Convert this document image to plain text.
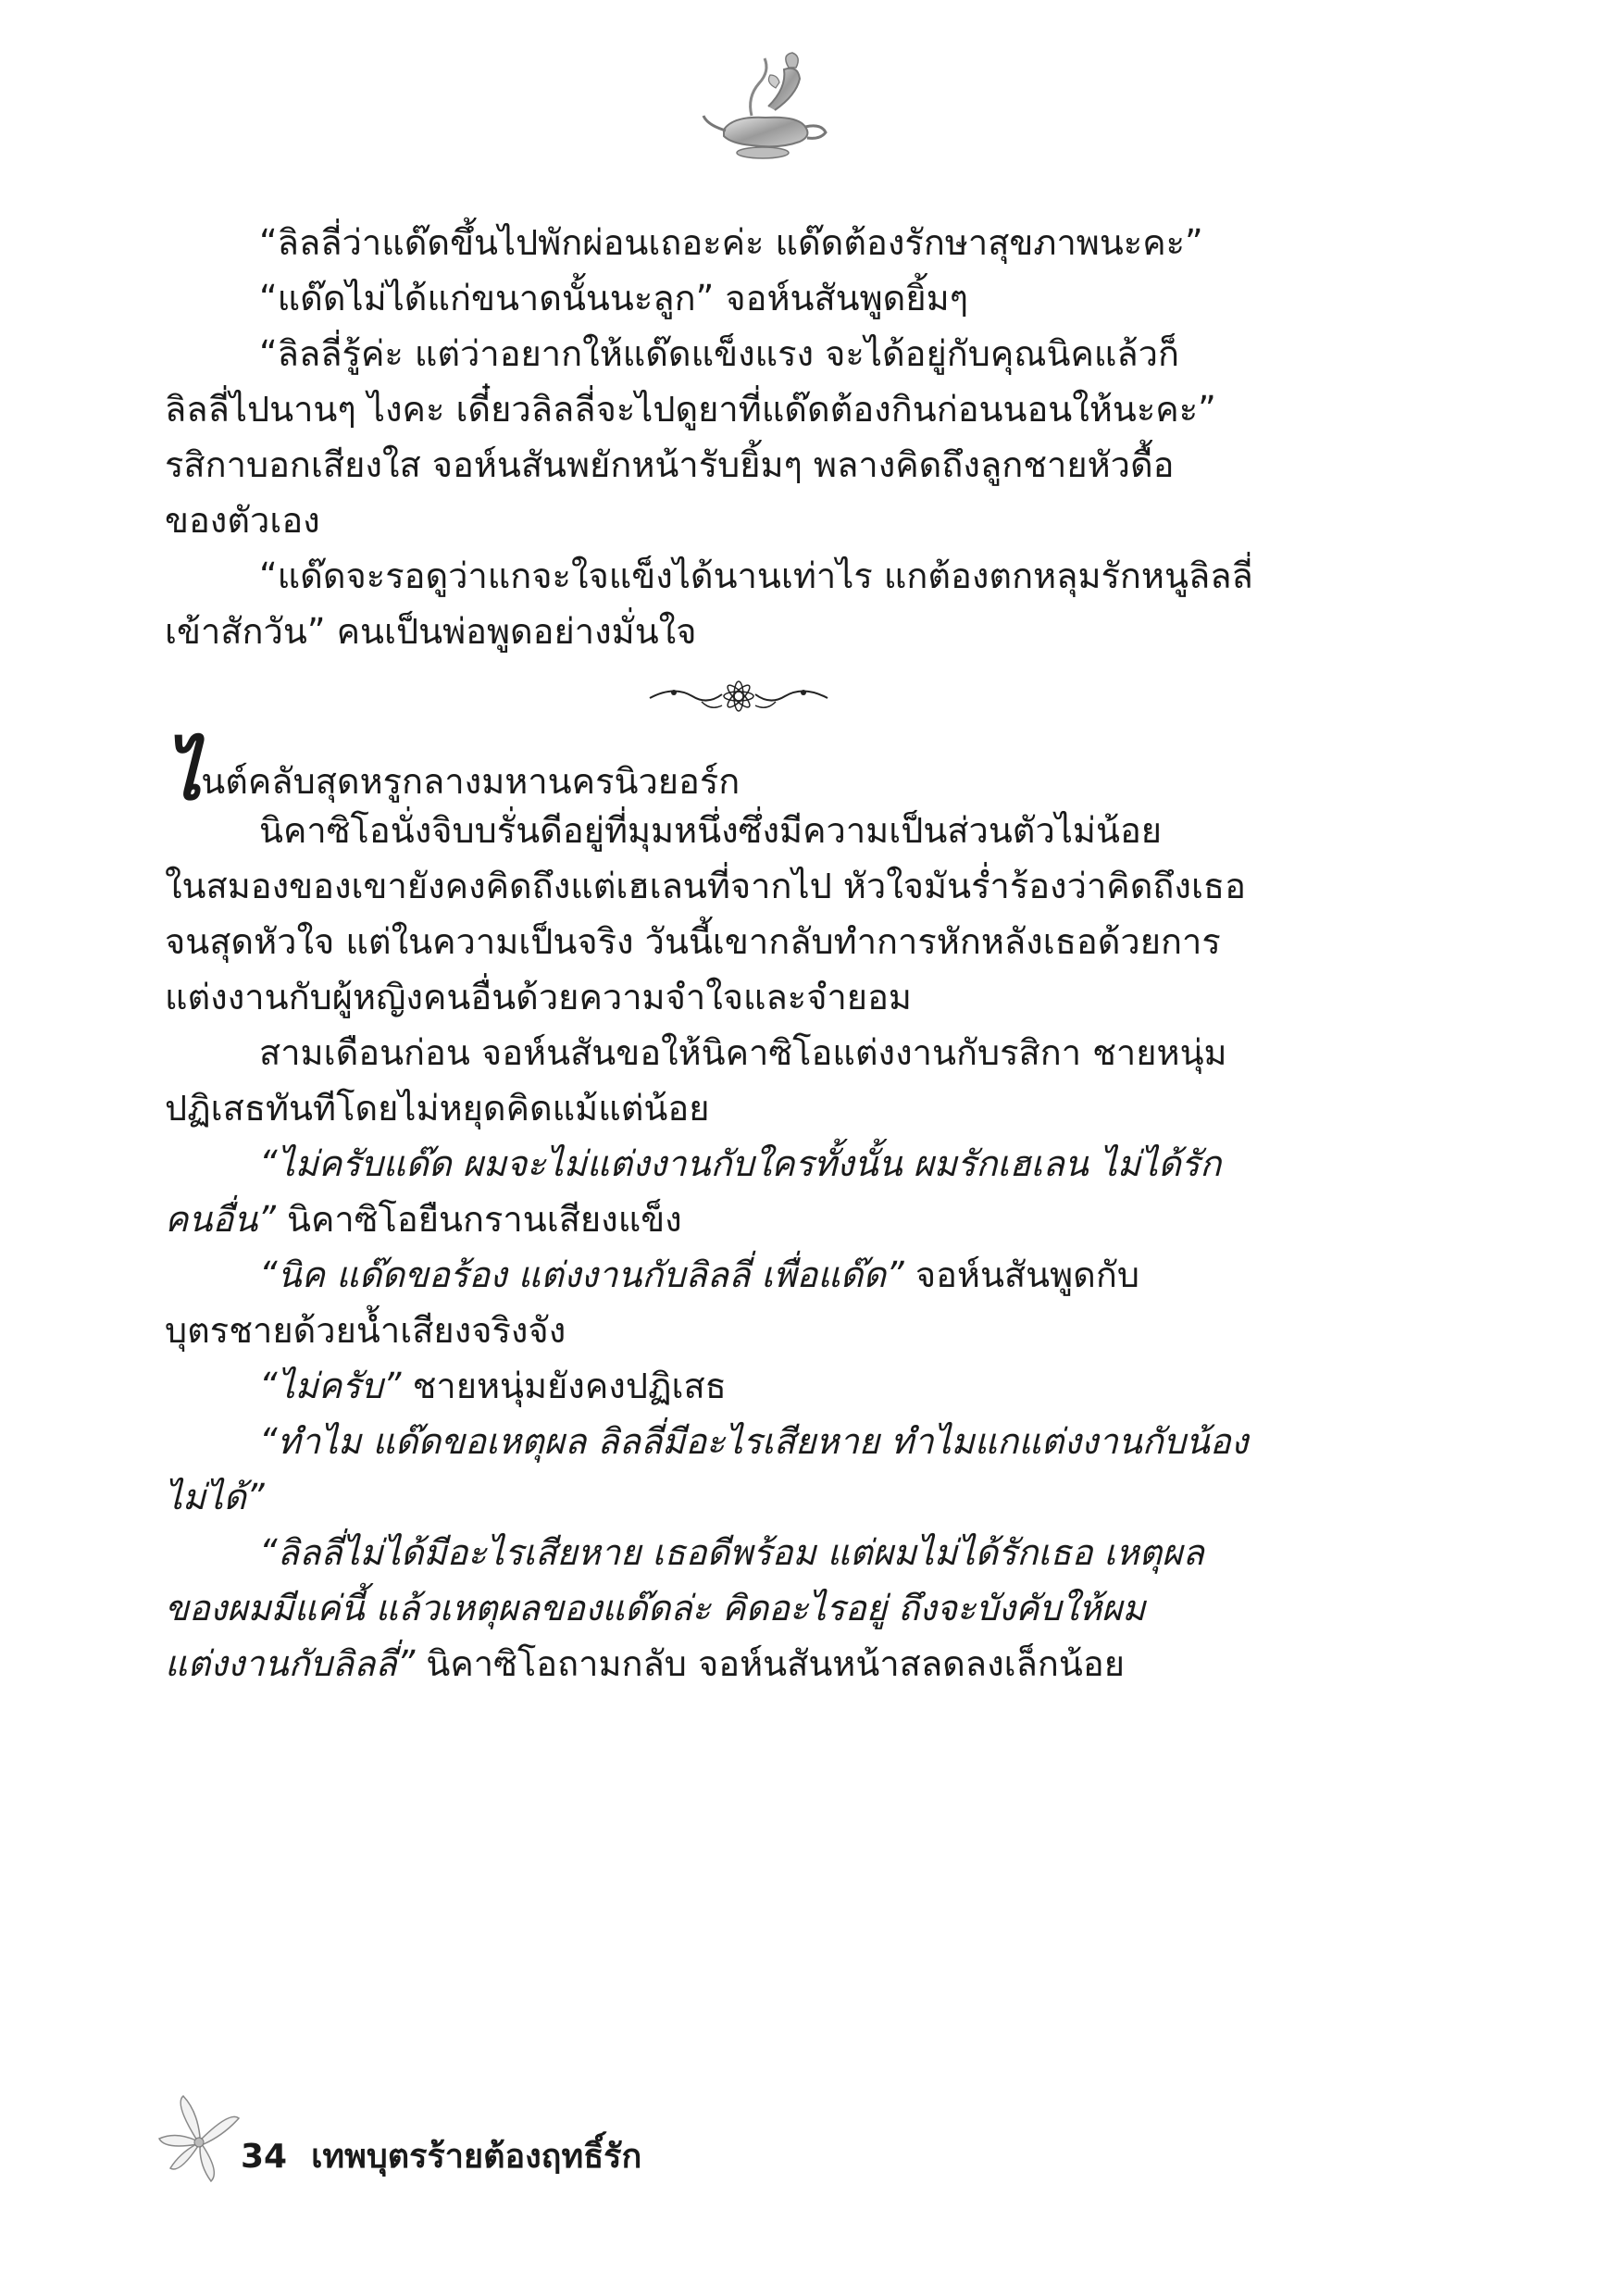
“ลิลลี่ว่าแด๊ดขึ้นไปพักผ่อนเถอะค่ะ แด๊ดต้องรักษาสุขภาพนะคะ”
“แด๊ดไม่ได้แก่ขนาดนั้นนะลูก” จอห์นสันพูดยิ้มๆ
“ลิลลี่รู้ค่ะ แต่ว่าอยากให้แด๊ดแข็งแรง จะได้อยู่กับคุณนิคแล้วก็
ลิลลี่ไปนานๆ ไงคะ เดี๋ยวลิลลี่จะไปดูยาที่แด๊ดต้องกินก่อนนอนให้นะคะ”
รสิกาบอกเสียงใส จอห์นสันพยักหน้ารับยิ้มๆ พลางคิดถึงลูกชายหัวดื้อ
ของตัวเอง
“แด๊ดจะรอดูว่าแกจะใจแข็งได้นานเท่าไร แกต้องตกหลุมรักหนูลิลลี่
เข้าสักวัน” คนเป็นพ่อพูดอย่างมั่นใจ
ไนต์คลับสุดหรูกลางมหานครนิวยอร์ก
นิคาซิโอนั่งจิบบรั่นดีอยู่ที่มุมหนึ่งซึ่งมีความเป็นส่วนตัวไม่น้อย
ในสมองของเขายังคงคิดถึงแต่เฮเลนที่จากไป หัวใจมันร่ำร้องว่าคิดถึงเธอ
จนสุดหัวใจ แต่ในความเป็นจริง วันนี้เขากลับทำการหักหลังเธอด้วยการ
แต่งงานกับผู้หญิงคนอื่นด้วยความจำใจและจำยอม
สามเดือนก่อน จอห์นสันขอให้นิคาซิโอแต่งงานกับรสิกา ชายหนุ่ม
ปฏิเสธทันทีโดยไม่หยุดคิดแม้แต่น้อย
“ไม่ครับแด๊ด ผมจะไม่แต่งงานกับใครทั้งนั้น ผมรักเฮเลน ไม่ได้รัก
คนอื่น” นิคาซิโอยืนกรานเสียงแข็ง
“นิค แด๊ดขอร้อง แต่งงานกับลิลลี่ เพื่อแด๊ด” จอห์นสันพูดกับ
บุตรชายด้วยน้ำเสียงจริงจัง
“ไม่ครับ” ชายหนุ่มยังคงปฏิเสธ
“ทำไม แด๊ดขอเหตุผล ลิลลี่มีอะไรเสียหาย ทำไมแกแต่งงานกับน้อง
ไม่ได้”
“ลิลลี่ไม่ได้มีอะไรเสียหาย เธอดีพร้อม แต่ผมไม่ได้รักเธอ เหตุผล
ของผมมีแค่นี้ แล้วเหตุผลของแด๊ดล่ะ คิดอะไรอยู่ ถึงจะบังคับให้ผม
แต่งงานกับลิลลี่” นิคาซิโอถามกลับ จอห์นสันหน้าสลดลงเล็กน้อย
34 เทพบุตรร้ายต้องฤทธิ์รัก
